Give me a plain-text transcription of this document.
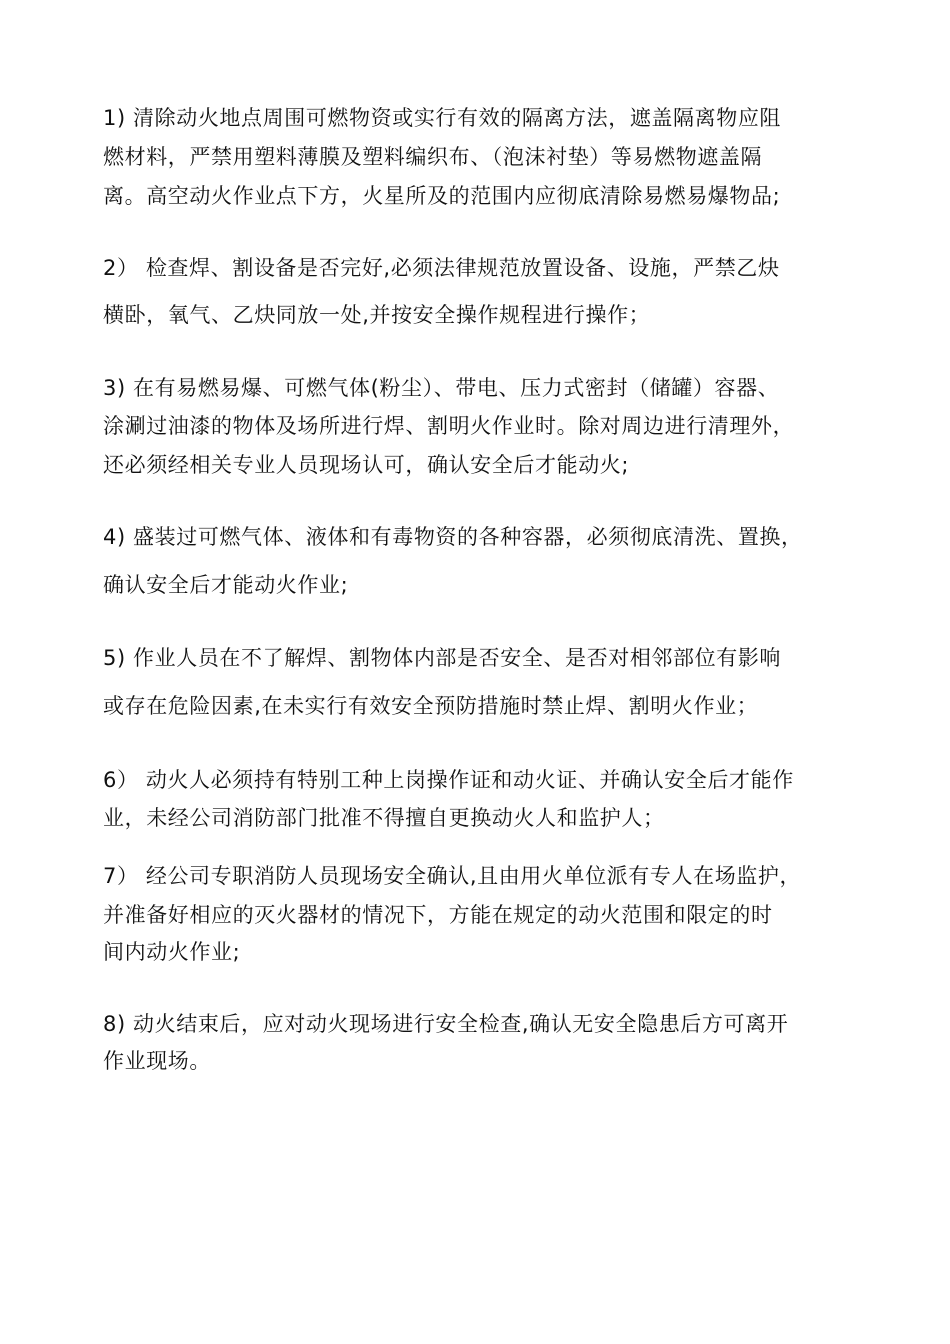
1) 清除动火地点周围可燃物资或实行有效的隔离方法，遮盖隔离物应阻
燃材料，严禁用塑料薄膜及塑料编织布、（泡沫衬垫）等易燃物遮盖隔
离。高空动火作业点下方，火星所及的范围内应彻底清除易燃易爆物品;
2） 检查焊、割设备是否完好,必须法律规范放置设备、设施，严禁乙炔
横卧，氧气、乙炔同放一处,并按安全操作规程进行操作；
3) 在有易燃易爆、可燃气体(粉尘）、带电、压力式密封（储罐）容器、
涂涮过油漆的物体及场所进行焊、割明火作业时。除对周边进行清理外，
还必须经相关专业人员现场认可，确认安全后才能动火;
4) 盛装过可燃气体、液体和有毒物资的各种容器，必须彻底清洗、置换，
确认安全后才能动火作业;
5) 作业人员在不了解焊、割物体内部是否安全、是否对相邻部位有影响
或存在危险因素,在未实行有效安全预防措施时禁止焊、割明火作业；
6） 动火人必须持有特别工种上岗操作证和动火证、并确认安全后才能作
业，未经公司消防部门批准不得擅自更换动火人和监护人；
7） 经公司专职消防人员现场安全确认,且由用火单位派有专人在场监护，
并准备好相应的灭火器材的情况下，方能在规定的动火范围和限定的时
间内动火作业;
8) 动火结束后，应对动火现场进行安全检查,确认无安全隐患后方可离开
作业现场。
